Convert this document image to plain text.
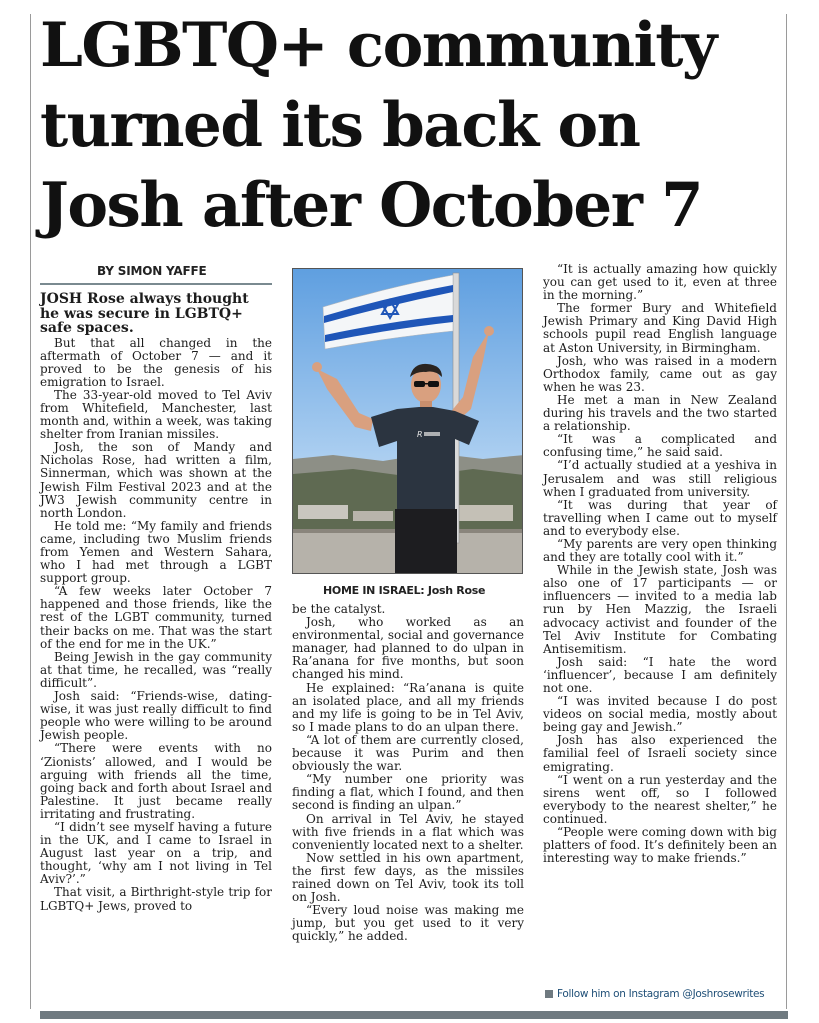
LGBTQ+ community
turned its back on
Josh after October 7
BY SIMON YAFFE

JOSH Rose always thought he was secure in LGBTQ+ safe spaces.

But that all changed in the aftermath of October 7 — and it proved to be the genesis of his emigration to Israel.

The 33-year-old moved to Tel Aviv from Whitefield, Manchester, last month and, within a week, was taking shelter from Iranian missiles.

Josh, the son of Mandy and Nicholas Rose, had written a film, Sinnerman, which was shown at the Jewish Film Festival 2023 and at the JW3 Jewish community centre in north London.

He told me: “My family and friends came, including two Muslim friends from Yemen and Western Sahara, who I had met through a LGBT support group.

“A few weeks later October 7 happened and those friends, like the rest of the LGBT community, turned their backs on me. That was the start of the end for me in the UK.”

Being Jewish in the gay community at that time, he recalled, was “really difficult”.

Josh said: “Friends-wise, dating-wise, it was just really difficult to find people who were willing to be around Jewish people.

“There were events with no ‘Zionists’ allowed, and I would be arguing with friends all the time, going back and forth about Israel and Palestine. It just became really irritating and frustrating.

“I didn’t see myself having a future in the UK, and I came to Israel in August last year on a trip, and thought, ‘why am I not living in Tel Aviv?’.”

That visit, a Birthright-style trip for LGBTQ+ Jews, proved to

R
HOME IN ISRAEL: Josh Rose

be the catalyst.

Josh, who worked as an environmental, social and governance manager, had planned to do ulpan in Ra’anana for five months, but soon changed his mind.

He explained: “Ra’anana is quite an isolated place, and all my friends and my life is going to be in Tel Aviv, so I made plans to do an ulpan there.

“A lot of them are currently closed, because it was Purim and then obviously the war.

“My number one priority was finding a flat, which I found, and then second is finding an ulpan.”

On arrival in Tel Aviv, he stayed with five friends in a flat which was conveniently located next to a shelter.

Now settled in his own apartment, the first few days, as the missiles rained down on Tel Aviv, took its toll on Josh.

“Every loud noise was making me jump, but you get used to it very quickly,” he added.

“It is actually amazing how quickly you can get used to it, even at three in the morning.”

The former Bury and Whitefield Jewish Primary and King David High schools pupil read English language at Aston University, in Birmingham.

Josh, who was raised in a modern Orthodox family, came out as gay when he was 23.

He met a man in New Zealand during his travels and the two started a relationship.

“It was a complicated and confusing time,” he said said.

“I’d actually studied at a yeshiva in Jerusalem and was still religious when I graduated from university.

“It was during that year of travelling when I came out to myself and to everybody else.

“My parents are very open thinking and they are totally cool with it.”

While in the Jewish state, Josh was also one of 17 participants — or influencers — invited to a media lab run by Hen Mazzig, the Israeli advocacy activist and founder of the Tel Aviv Institute for Combating Antisemitism.

Josh said: “I hate the word ‘influencer’, because I am definitely not one.

“I was invited because I do post videos on social media, mostly about being gay and Jewish.”

Josh has also experienced the familial feel of Israeli society since emigrating.

“I went on a run yesterday and the sirens went off, so I followed everybody to the nearest shelter,” he continued.

“People were coming down with big platters of food. It’s definitely been an interesting way to make friends.”

Follow him on Instagram @Joshrosewrites
